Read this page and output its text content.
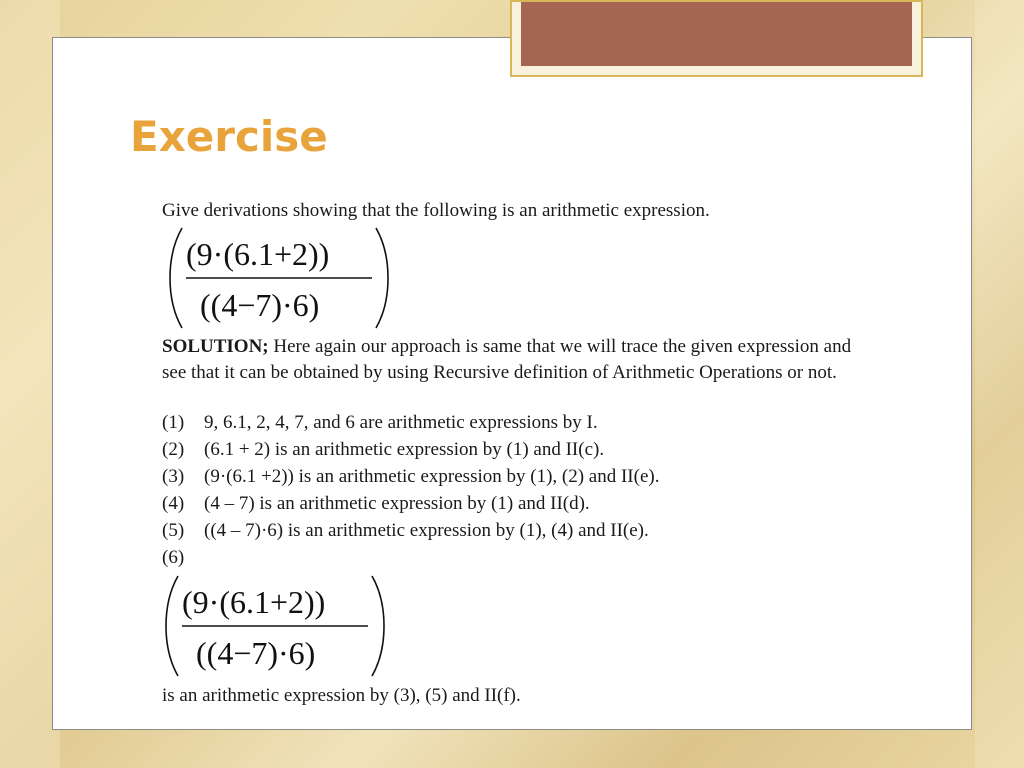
Exercise
Give derivations showing that the following is an arithmetic expression.
(9·(6.1+2))
((4−7)·6)
SOLUTION; Here again our approach is same that we will trace the given expression and see that it can be obtained by using Recursive definition of Arithmetic Operations or not.
(1) 9, 6.1, 2, 4, 7, and 6 are arithmetic expressions by I.
(2) (6.1 + 2) is an arithmetic expression by (1) and II(c).
(3) (9·(6.1 +2)) is an arithmetic expression by (1), (2) and II(e).
(4) (4 – 7) is an arithmetic expression by (1) and II(d).
(5) ((4 – 7)·6) is an arithmetic expression by (1), (4) and II(e).
(6)
(9·(6.1+2))
((4−7)·6)
is an arithmetic expression by (3), (5) and II(f).
